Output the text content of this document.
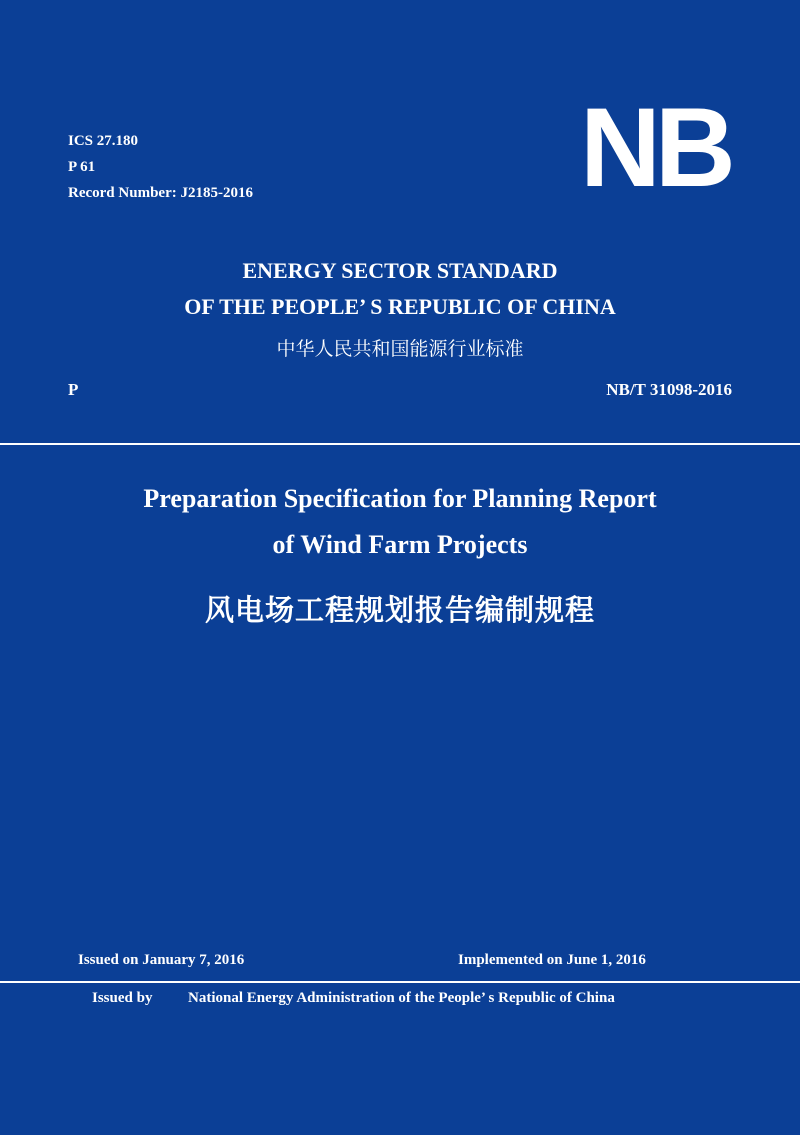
ICS 27.180
P 61
Record Number: J2185-2016	NB
ENERGY SECTOR STANDARD
OF THE PEOPLE’ S REPUBLIC OF CHINA
中华人民共和国能源行业标准
P	NB/T 31098-2016
Preparation Specification for Planning Report
of Wind Farm Projects
风电场工程规划报告编制规程
Issued on January 7, 2016	Implemented on June 1, 2016
Issued by National Energy Administration of the People’ s Republic of China
